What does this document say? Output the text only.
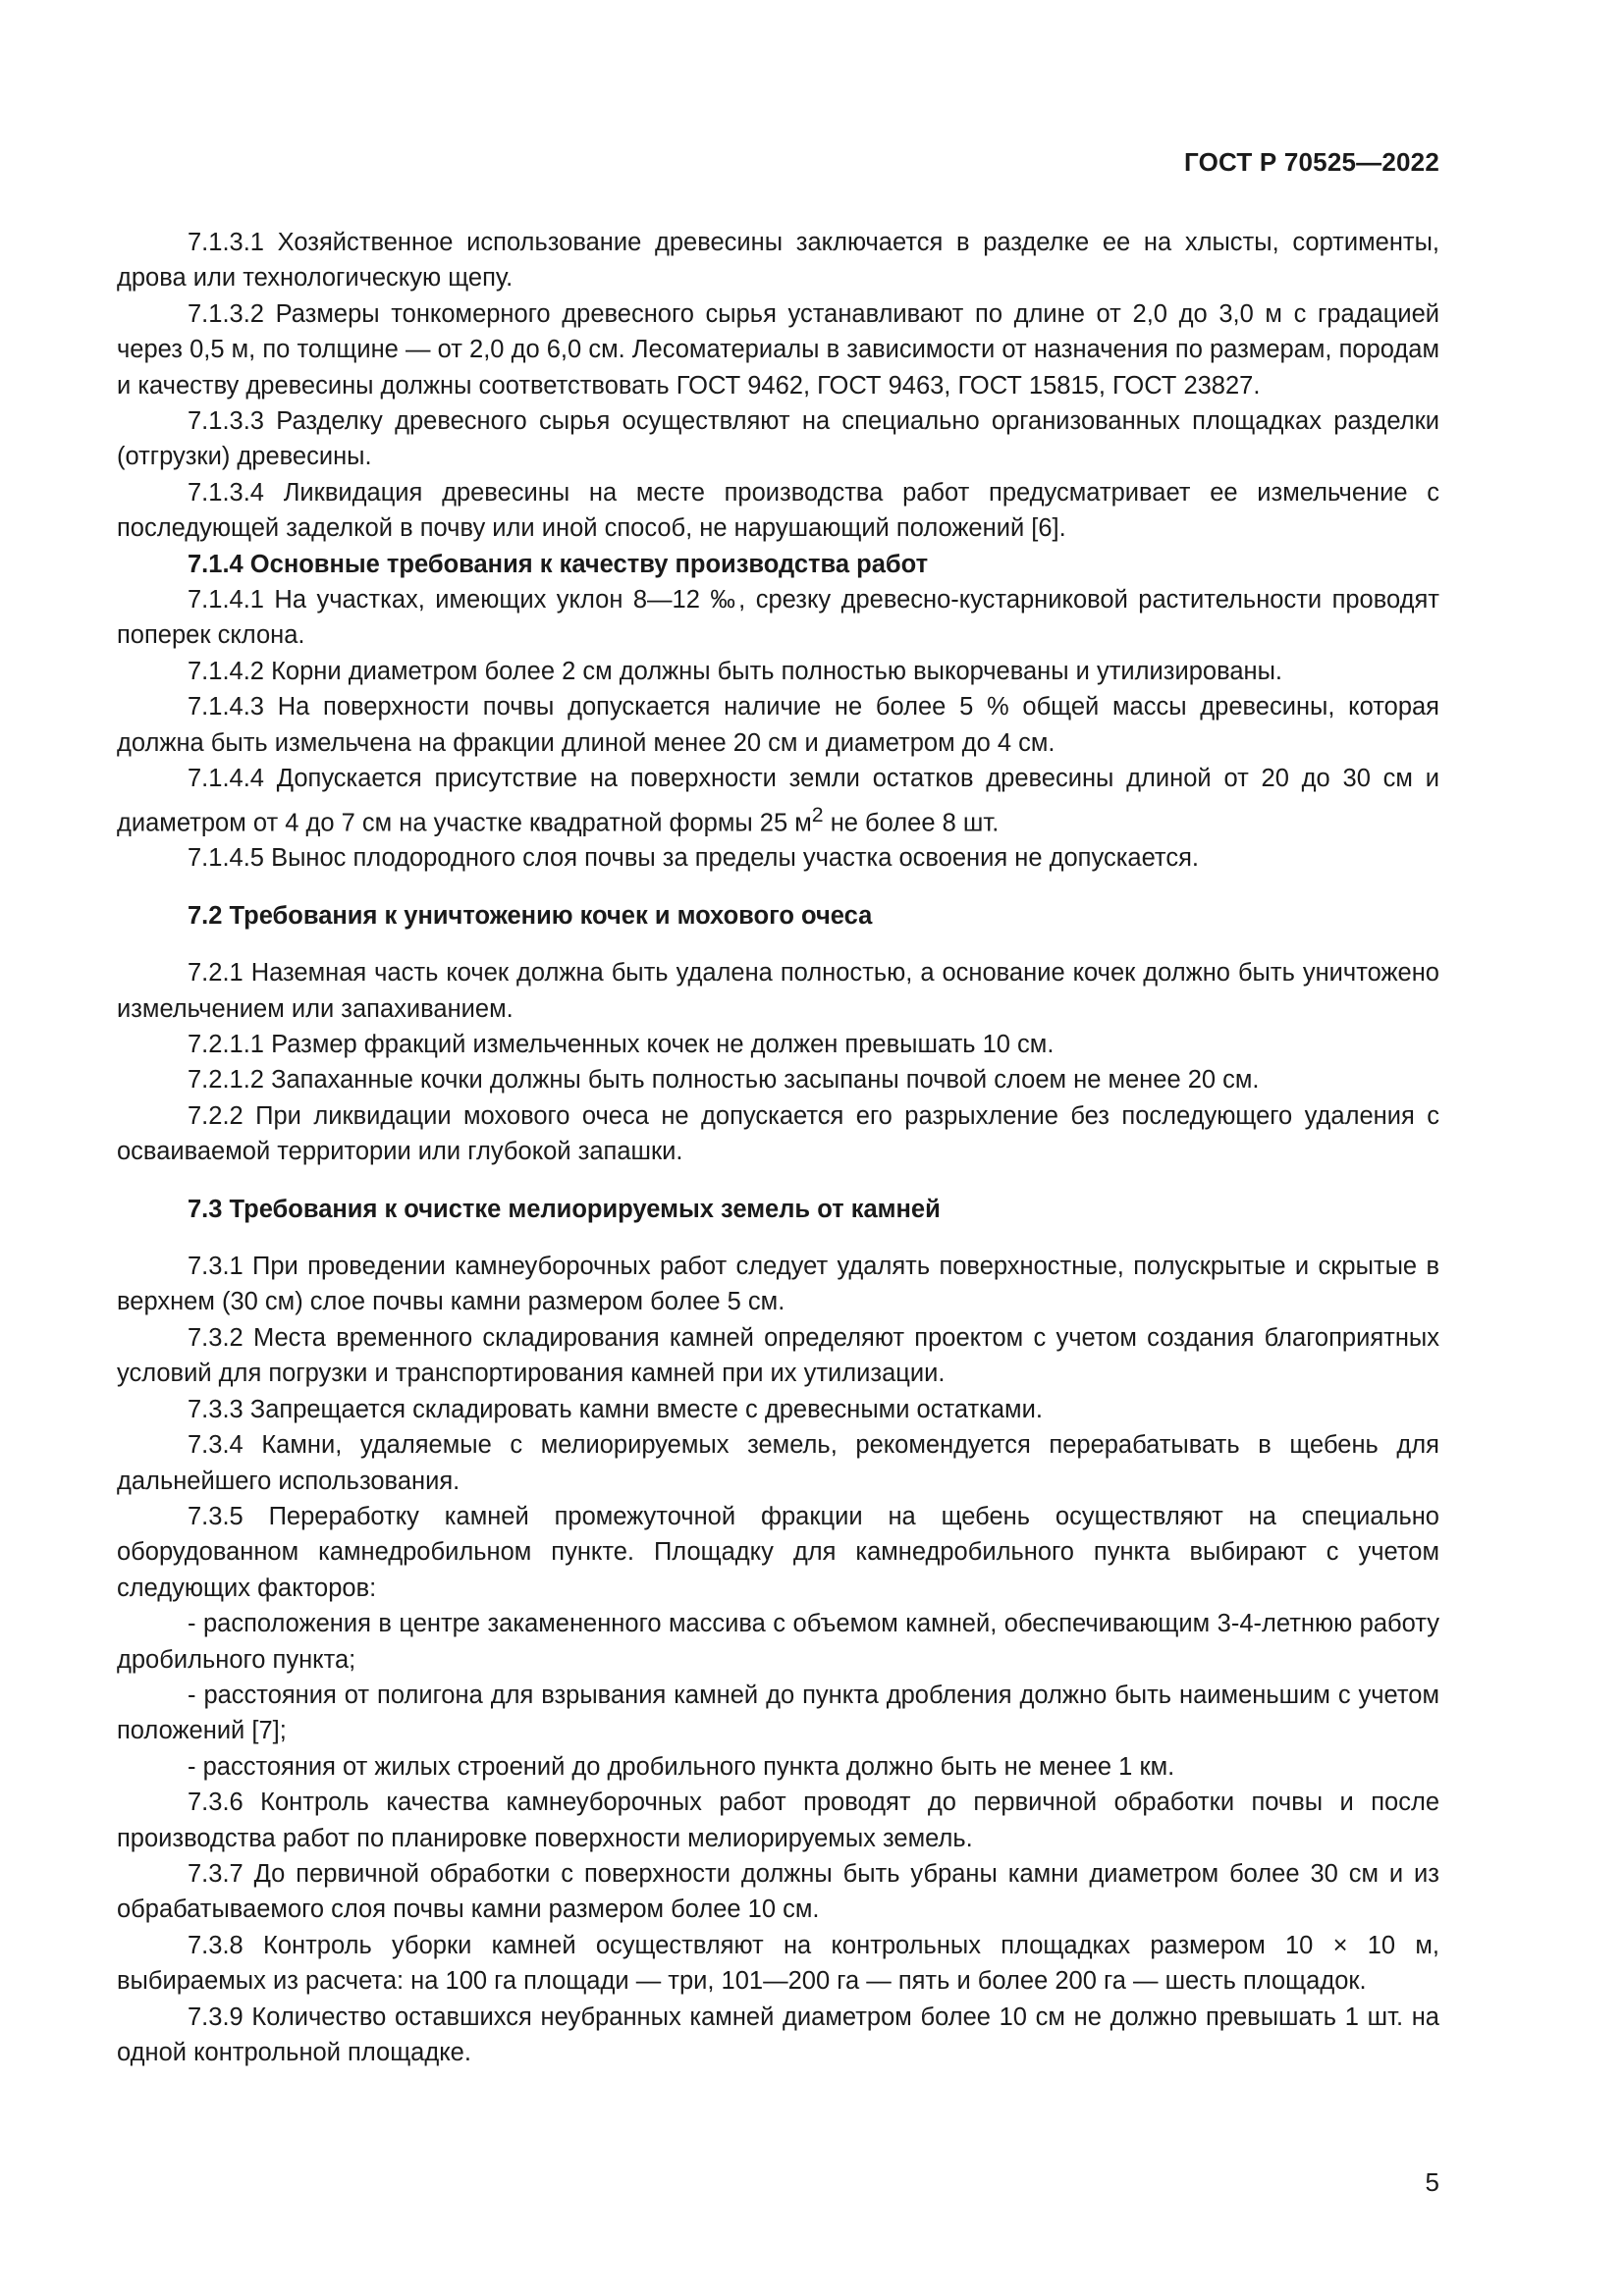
ГОСТ Р 70525—2022

7.1.3.1 Хозяйственное использование древесины заключается в разделке ее на хлысты, сортименты, дрова или технологическую щепу.

7.1.3.2 Размеры тонкомерного древесного сырья устанавливают по длине от 2,0 до 3,0 м с градацией через 0,5 м, по толщине — от 2,0 до 6,0 см. Лесоматериалы в зависимости от назначения по размерам, породам и качеству древесины должны соответствовать ГОСТ 9462, ГОСТ 9463, ГОСТ 15815, ГОСТ 23827.

7.1.3.3 Разделку древесного сырья осуществляют на специально организованных площадках разделки (отгрузки) древесины.

7.1.3.4 Ликвидация древесины на месте производства работ предусматривает ее измельчение с последующей заделкой в почву или иной способ, не нарушающий положений [6].

7.1.4 Основные требования к качеству производства работ

7.1.4.1 На участках, имеющих уклон 8—12 ‰, срезку древесно-кустарниковой растительности проводят поперек склона.

7.1.4.2 Корни диаметром более 2 см должны быть полностью выкорчеваны и утилизированы.

7.1.4.3 На поверхности почвы допускается наличие не более 5 % общей массы древесины, которая должна быть измельчена на фракции длиной менее 20 см и диаметром до 4 см.

7.1.4.4 Допускается присутствие на поверхности земли остатков древесины длиной от 20 до 30 см и диаметром от 4 до 7 см на участке квадратной формы 25 $м^2$ не более 8 шт.

7.1.4.5 Вынос плодородного слоя почвы за пределы участка освоения не допускается.

7.2 Требования к уничтожению кочек и мохового очеса

7.2.1 Наземная часть кочек должна быть удалена полностью, а основание кочек должно быть уничтожено измельчением или запахиванием.

7.2.1.1 Размер фракций измельченных кочек не должен превышать 10 см.

7.2.1.2 Запаханные кочки должны быть полностью засыпаны почвой слоем не менее 20 см.

7.2.2 При ликвидации мохового очеса не допускается его разрыхление без последующего удаления с осваиваемой территории или глубокой запашки.

7.3 Требования к очистке мелиорируемых земель от камней

7.3.1 При проведении камнеуборочных работ следует удалять поверхностные, полускрытые и скрытые в верхнем (30 см) слое почвы камни размером более 5 см.

7.3.2 Места временного складирования камней определяют проектом с учетом создания благоприятных условий для погрузки и транспортирования камней при их утилизации.

7.3.3 Запрещается складировать камни вместе с древесными остатками.

7.3.4 Камни, удаляемые с мелиорируемых земель, рекомендуется перерабатывать в щебень для дальнейшего использования.

7.3.5 Переработку камней промежуточной фракции на щебень осуществляют на специально оборудованном камнедробильном пункте. Площадку для камнедробильного пункта выбирают с учетом следующих факторов:

- расположения в центре закамененного массива с объемом камней, обеспечивающим 3-4-летнюю работу дробильного пункта;

- расстояния от полигона для взрывания камней до пункта дробления должно быть наименьшим с учетом положений [7];

- расстояния от жилых строений до дробильного пункта должно быть не менее 1 км.

7.3.6 Контроль качества камнеуборочных работ проводят до первичной обработки почвы и после производства работ по планировке поверхности мелиорируемых земель.

7.3.7 До первичной обработки с поверхности должны быть убраны камни диаметром более 30 см и из обрабатываемого слоя почвы камни размером более 10 см.

7.3.8 Контроль уборки камней осуществляют на контрольных площадках размером 10 × 10 м, выбираемых из расчета: на 100 га площади — три, 101—200 га — пять и более 200 га — шесть площадок.

7.3.9 Количество оставшихся неубранных камней диаметром более 10 см не должно превышать 1 шт. на одной контрольной площадке.

5
